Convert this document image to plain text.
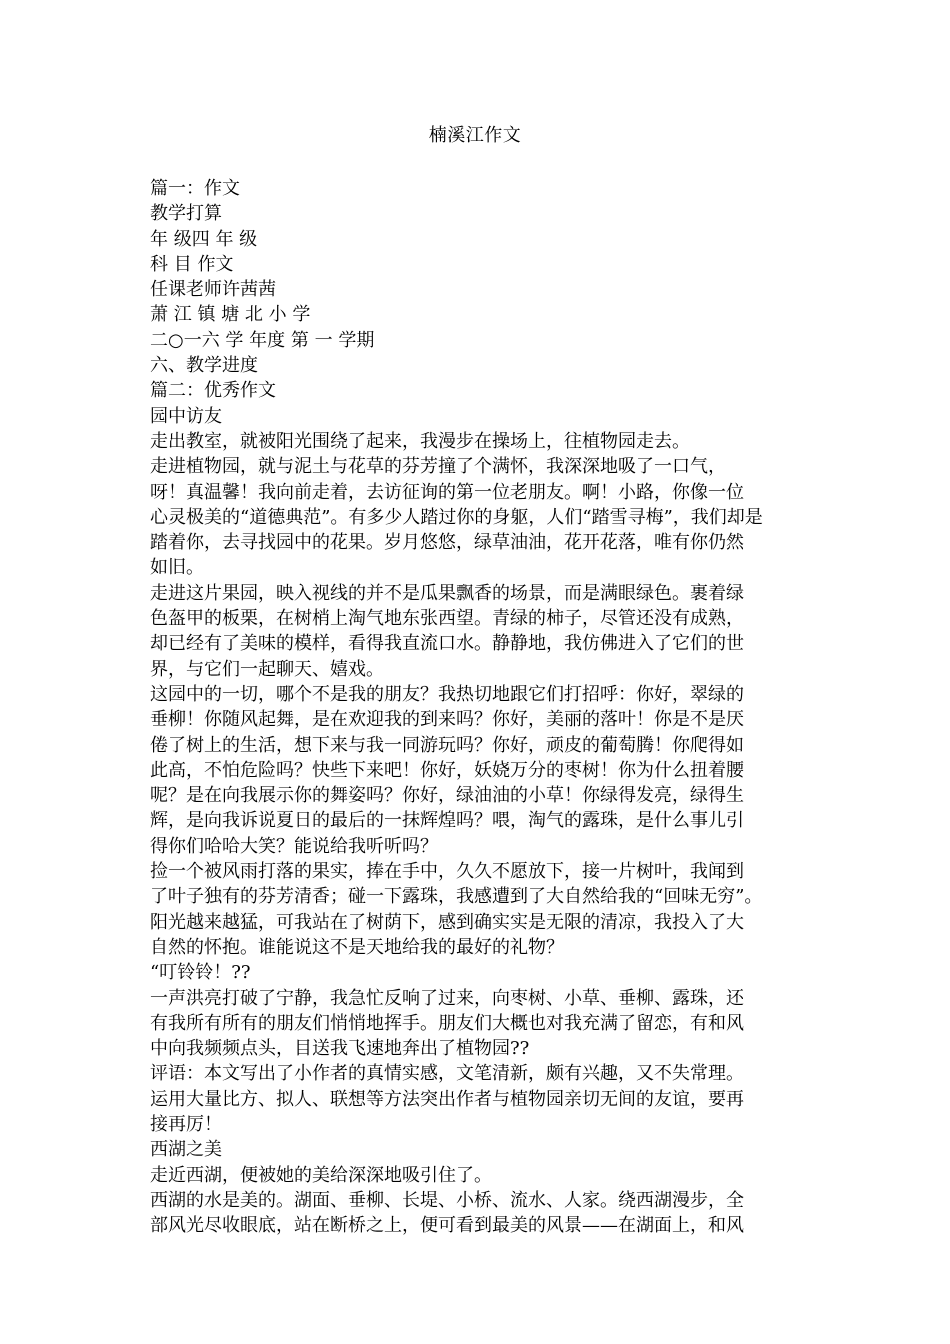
楠溪江作文
篇一：作文
教学打算
年 级四 年 级
科 目 作文
任课老师许茜茜
萧 江 镇 塘 北 小 学
二○一六 学 年度 第 一 学期
六、教学进度
篇二：优秀作文
园中访友
走出教室，就被阳光围绕了起来，我漫步在操场上，往植物园走去。
走进植物园，就与泥土与花草的芬芳撞了个满怀，我深深地吸了一口气，
呀！真温馨！我向前走着，去访征询的第一位老朋友。啊！小路，你像一位
心灵极美的“道德典范”。有多少人踏过你的身躯，人们“踏雪寻梅”，我们却是
踏着你，去寻找园中的花果。岁月悠悠，绿草油油，花开花落，唯有你仍然
如旧。
走进这片果园，映入视线的并不是瓜果飘香的场景，而是满眼绿色。裹着绿
色盔甲的板栗，在树梢上淘气地东张西望。青绿的柿子，尽管还没有成熟，
却已经有了美味的模样，看得我直流口水。静静地，我仿佛进入了它们的世
界，与它们一起聊天、嬉戏。
这园中的一切，哪个不是我的朋友？我热切地跟它们打招呼：你好，翠绿的
垂柳！你随风起舞，是在欢迎我的到来吗？你好，美丽的落叶！你是不是厌
倦了树上的生活，想下来与我一同游玩吗？你好，顽皮的葡萄腾！你爬得如
此高，不怕危险吗？快些下来吧！你好，妖娆万分的枣树！你为什么扭着腰
呢？是在向我展示你的舞姿吗？你好，绿油油的小草！你绿得发亮，绿得生
辉，是向我诉说夏日的最后的一抹辉煌吗？喂，淘气的露珠，是什么事儿引
得你们哈哈大笑？能说给我听听吗？
捡一个被风雨打落的果实，捧在手中，久久不愿放下，接一片树叶，我闻到
了叶子独有的芬芳清香；碰一下露珠，我感遭到了大自然给我的“回味无穷”。
阳光越来越猛，可我站在了树荫下，感到确实实是无限的清凉，我投入了大
自然的怀抱。谁能说这不是天地给我的最好的礼物？
“叮铃铃！??
一声洪亮打破了宁静，我急忙反响了过来，向枣树、小草、垂柳、露珠，还
有我所有所有的朋友们悄悄地挥手。朋友们大概也对我充满了留恋，有和风
中向我频频点头，目送我飞速地奔出了植物园??
评语：本文写出了小作者的真情实感，文笔清新，颇有兴趣，又不失常理。
运用大量比方、拟人、联想等方法突出作者与植物园亲切无间的友谊，要再
接再厉！
西湖之美
走近西湖，便被她的美给深深地吸引住了。
西湖的水是美的。湖面、垂柳、长堤、小桥、流水、人家。绕西湖漫步，全
部风光尽收眼底，站在断桥之上，便可看到最美的风景——在湖面上，和风
